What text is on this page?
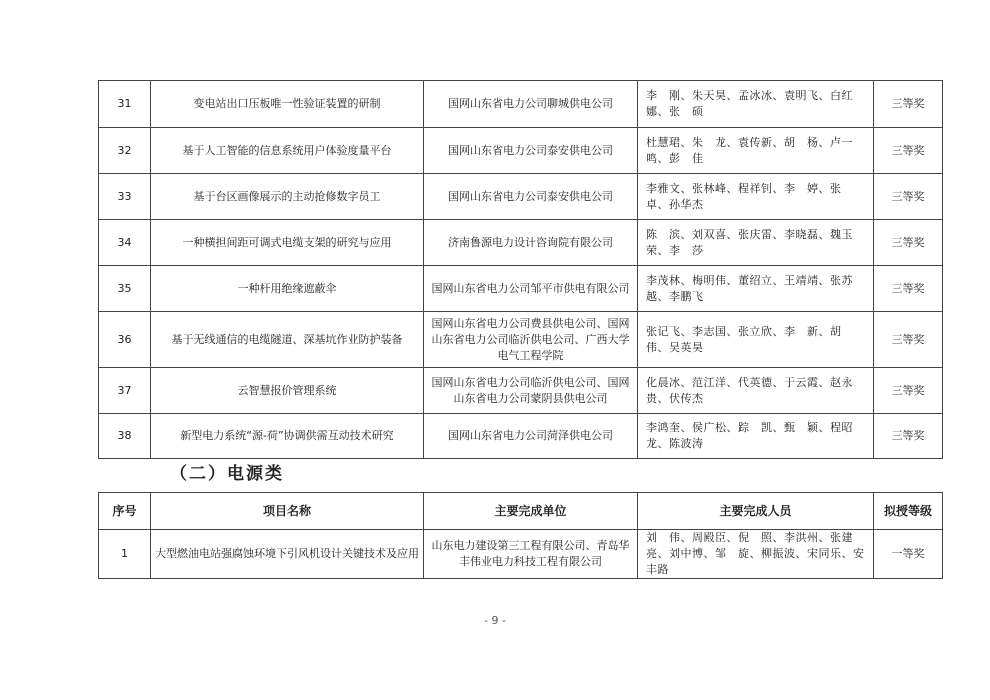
31	变电站出口压板唯一性验证装置的研制	国网山东省电力公司聊城供电公司	李　刚、朱天昊、孟冰冰、袁明飞、白红娜、张　硕	三等奖
32	基于人工智能的信息系统用户体验度量平台	国网山东省电力公司泰安供电公司	杜慧珺、朱　龙、袁传新、胡　杨、卢一鸣、彭　佳	三等奖
33	基于台区画像展示的主动抢修数字员工	国网山东省电力公司泰安供电公司	李雅文、张林峰、程祥钊、李　婷、张　卓、孙华杰	三等奖
34	一种横担间距可调式电缆支架的研究与应用	济南鲁源电力设计咨询院有限公司	陈　滨、刘双喜、张庆雷、李晓磊、魏玉荣、李　莎	三等奖
35	一种杆用绝缘遮蔽伞	国网山东省电力公司邹平市供电有限公司	李茂林、梅明伟、董绍立、王靖靖、张苏越、李鹏飞	三等奖
36	基于无线通信的电缆隧道、深基坑作业防护装备	国网山东省电力公司费县供电公司、国网山东省电力公司临沂供电公司、广西大学电气工程学院	张记飞、李志国、张立欣、李　新、胡　伟、吴英昊	三等奖
37	云智慧报价管理系统	国网山东省电力公司临沂供电公司、国网山东省电力公司蒙阴县供电公司	化晨冰、范江洋、代英德、于云霞、赵永贵、伏传杰	三等奖
38	新型电力系统“源-荷”协调供需互动技术研究	国网山东省电力公司菏泽供电公司	李鸿奎、侯广松、踪　凯、甄　颖、程昭龙、陈波涛	三等奖
（二）电源类
序号	项目名称	主要完成单位	主要完成人员	拟授等级
1	大型燃油电站强腐蚀环境下引风机设计关键技术及应用	山东电力建设第三工程有限公司、青岛华丰伟业电力科技工程有限公司	刘　伟、周殿臣、倪　照、李洪州、张建亮、刘中博、邹　旋、柳振波、宋同乐、安丰路	一等奖
- 9 -
